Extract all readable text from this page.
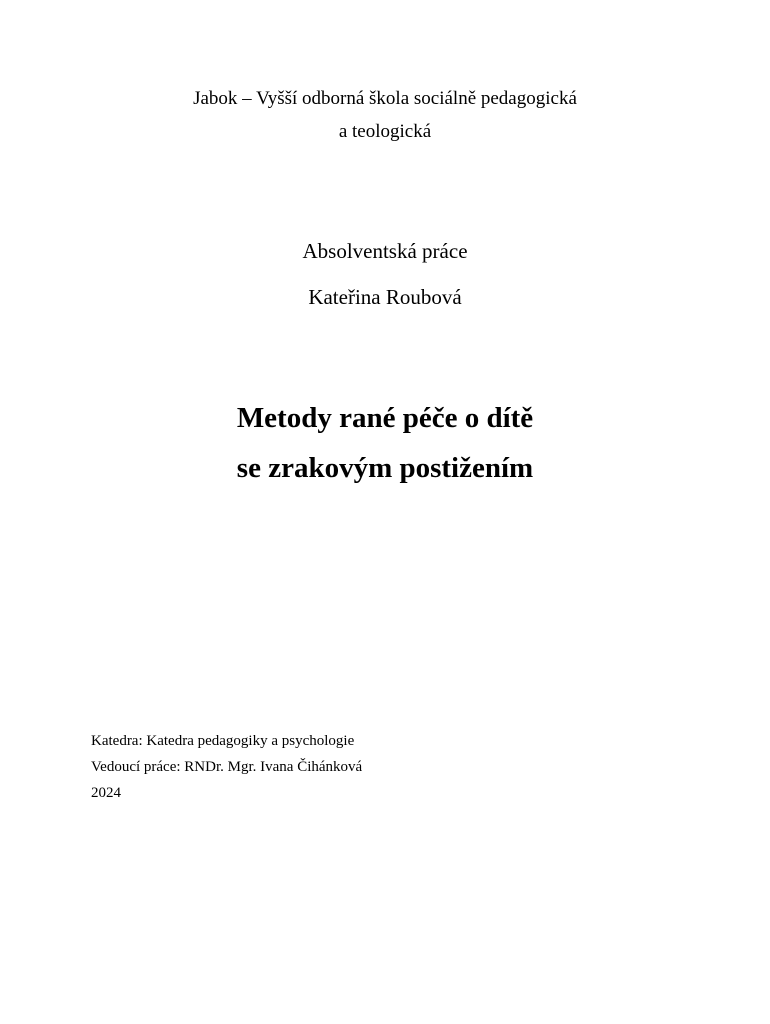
Jabok – Vyšší odborná škola sociálně pedagogická
a teologická
Absolventská práce
Kateřina Roubová
Metody rané péče o dítě
se zrakovým postižením
Katedra: Katedra pedagogiky a psychologie
Vedoucí práce: RNDr. Mgr. Ivana Čihánková
2024
